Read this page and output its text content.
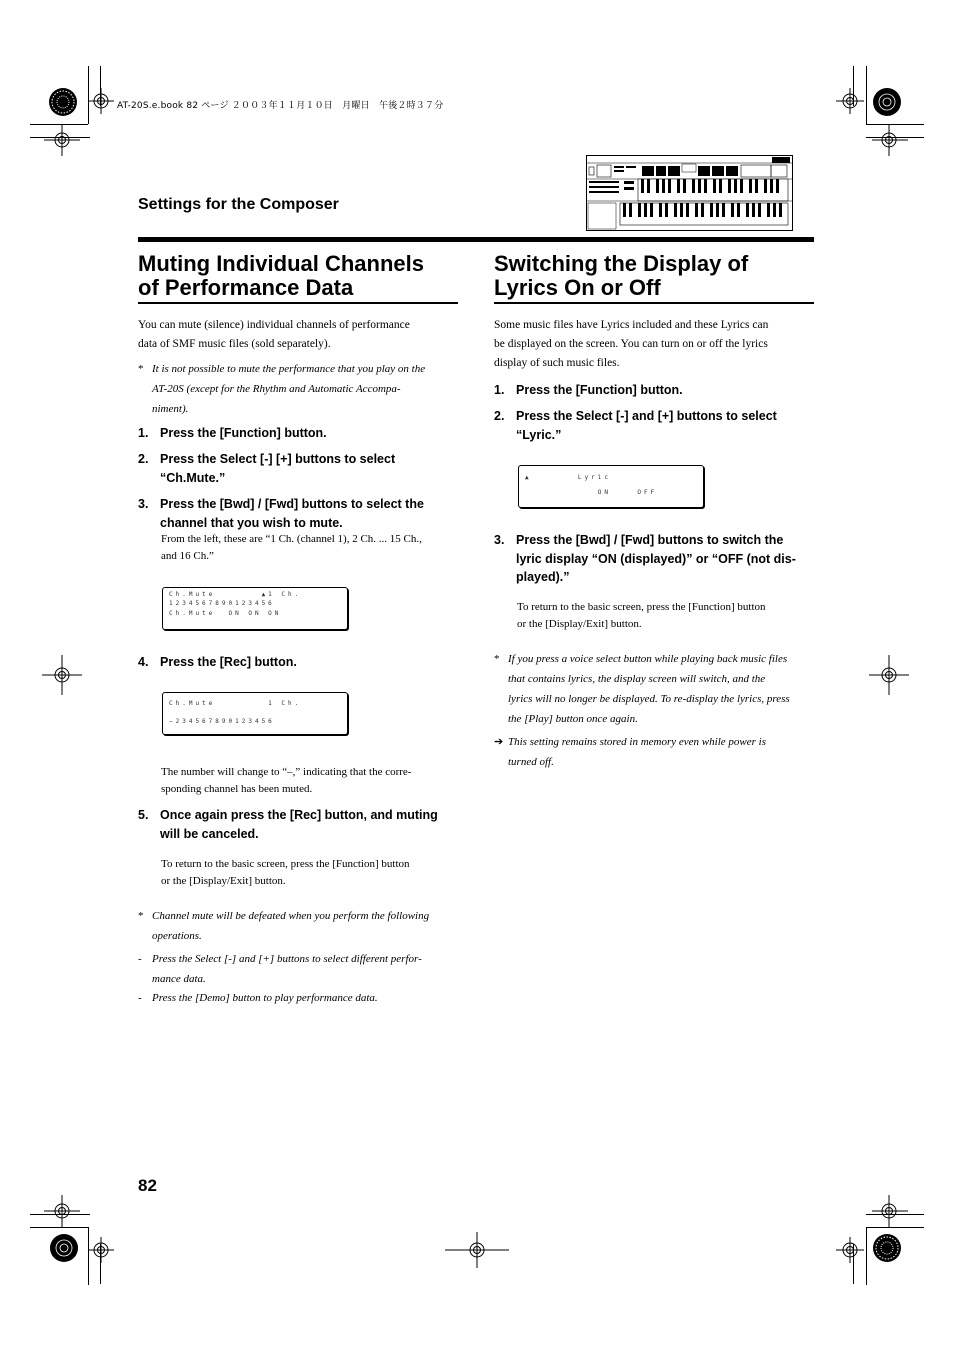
AT-20S.e.book 82 ページ ２００３年１１月１０日　月曜日　午後２時３７分
Settings for the Composer
Muting Individual Channels
of Performance Data
You can mute (silence) individual channels of performance
data of SMF music files (sold separately).
* It is not possible to mute the performance that you play on the
AT-20S (except for the Rhythm and Automatic Accompa-
niment).
1. Press the [Function] button.
2. Press the Select [-] [+] buttons to select
“Ch.Mute.”
3. Press the [Bwd] / [Fwd] buttons to select the
channel that you wish to mute.
From the left, these are “1 Ch. (channel 1), 2 Ch. ... 15 Ch.,
and 16 Ch.”
Ch.Mute       ▲1 Ch.
1234567890123456
Ch.Mute  ON ON ON
4. Press the [Rec] button.
Ch.Mute        1 Ch.
–234567890123456
The number will change to “–,” indicating that the corre-
sponding channel has been muted.
5. Once again press the [Rec] button, and muting
will be canceled.
To return to the basic screen, press the [Function] button
or the [Display/Exit] button.
* Channel mute will be defeated when you perform the following
operations.
- Press the Select [-] and [+] buttons to select different perfor-
mance data.
- Press the [Demo] button to play performance data.
Switching the Display of
Lyrics On or Off
Some music files have Lyrics included and these Lyrics can
be displayed on the screen. You can turn on or off the lyrics
display of such music files.
1. Press the [Function] button.
2. Press the Select [-] and [+] buttons to select
“Lyric.”
▲       Lyric
ON    OFF
3. Press the [Bwd] / [Fwd] buttons to switch the
lyric display “ON (displayed)” or “OFF (not dis-
played).”
To return to the basic screen, press the [Function] button
or the [Display/Exit] button.
* If you press a voice select button while playing back music files
that contains lyrics, the display screen will switch, and the
lyrics will no longer be displayed. To re-display the lyrics, press
the [Play] button once again.
➔ This setting remains stored in memory even while power is
turned off.
82
